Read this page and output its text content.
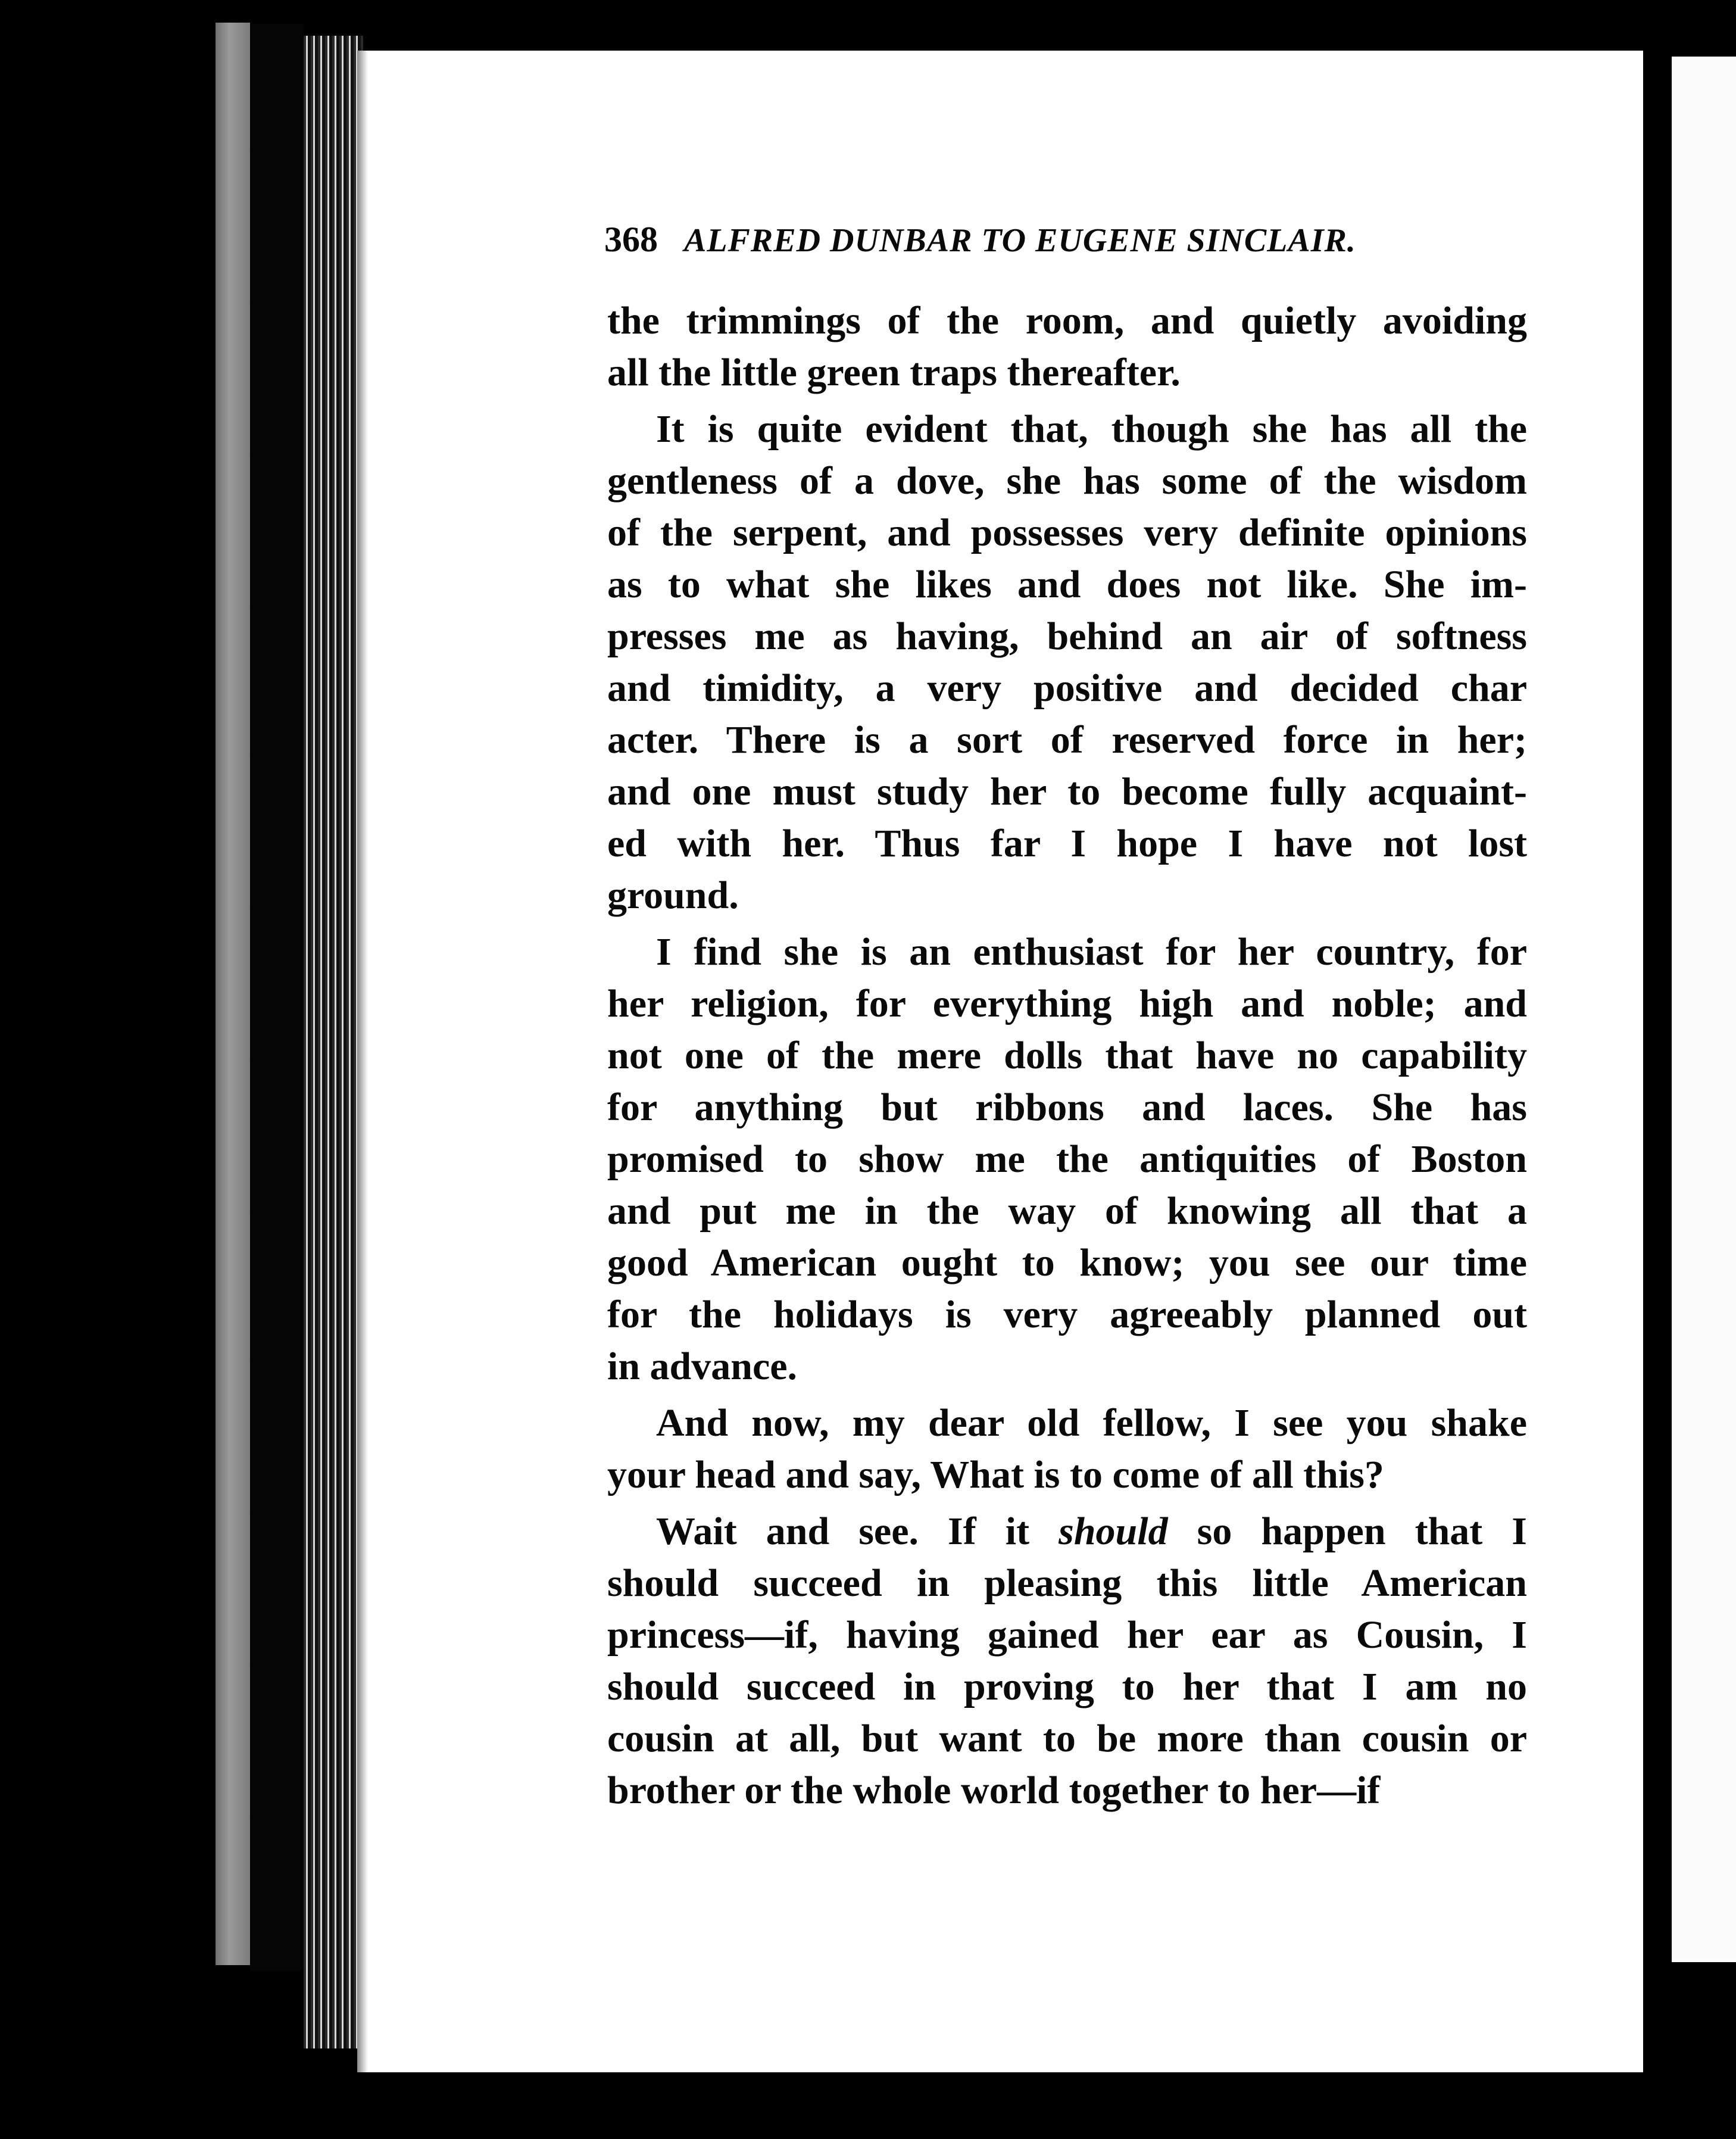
368 ALFRED DUNBAR TO EUGENE SINCLAIR.
the trimmings of the room, and quietly avoiding
all the little green traps thereafter.
It is quite evident that, though she has all the
gentleness of a dove, she has some of the wisdom
of the serpent, and possesses very definite opinions
as to what she likes and does not like. She im-
presses me as having, behind an air of softness
and timidity, a very positive and decided char
acter. There is a sort of reserved force in her;
and one must study her to become fully acquaint-
ed with her. Thus far I hope I have not lost
ground.
I find she is an enthusiast for her country, for
her religion, for everything high and noble; and
not one of the mere dolls that have no capability
for anything but ribbons and laces. She has
promised to show me the antiquities of Boston
and put me in the way of knowing all that a
good American ought to know; you see our time
for the holidays is very agreeably planned out
in advance.
And now, my dear old fellow, I see you shake
your head and say, What is to come of all this?
Wait and see. If it should so happen that I
should succeed in pleasing this little American
princess—if, having gained her ear as Cousin, I
should succeed in proving to her that I am no
cousin at all, but want to be more than cousin or
brother or the whole world together to her—if
